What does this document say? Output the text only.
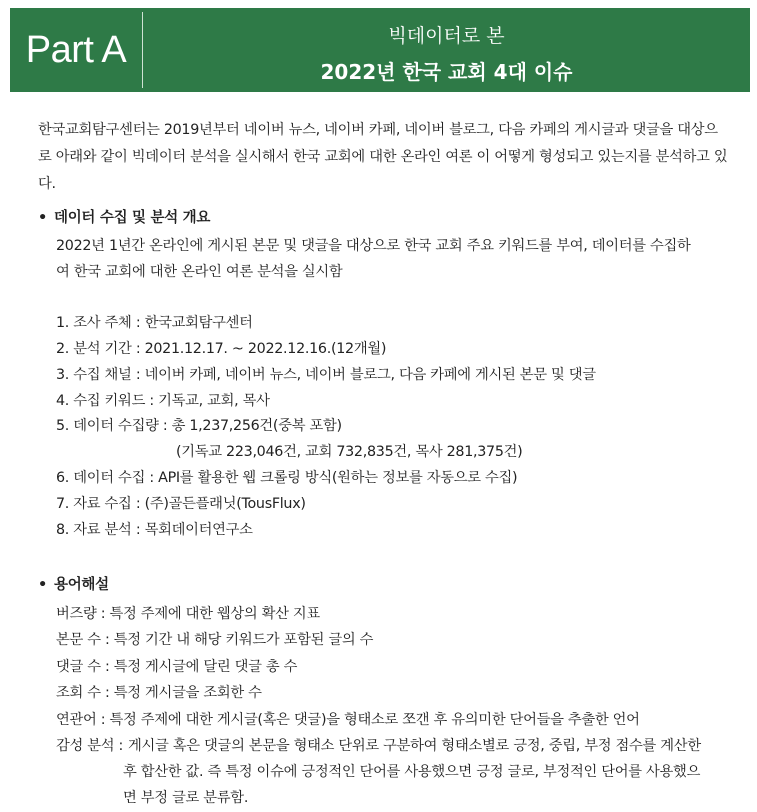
Part A	빅데이터로 본
2022년 한국 교회 4대 이슈
한국교회탐구센터는 2019년부터 네이버 뉴스, 네이버 카페, 네이버 블로그, 다음 카페의 게시글과 댓글을 대상으로 아래와 같이 빅데이터 분석을 실시해서 한국 교회에 대한 온라인 여론 이 어떻게 형성되고 있는지를 분석하고 있다.
• 데이터 수집 및 분석 개요
2022년 1년간 온라인에 게시된 본문 및 댓글을 대상으로 한국 교회 주요 키워드를 부여, 데이터를 수집하
여 한국 교회에 대한 온라인 여론 분석을 실시함
1. 조사 주체 : 한국교회탐구센터
2. 분석 기간 : 2021.12.17. ~ 2022.12.16.(12개월)
3. 수집 채널 : 네이버 카페, 네이버 뉴스, 네이버 블로그, 다음 카페에 게시된 본문 및 댓글
4. 수집 키워드 : 기독교, 교회, 목사
5. 데이터 수집량 : 총 1,237,256건(중복 포함)
(기독교 223,046건, 교회 732,835건, 목사 281,375건)
6. 데이터 수집 : API를 활용한 웹 크롤링 방식(원하는 정보를 자동으로 수집)
7. 자료 수집 : (주)골든플래닛(TousFlux)
8. 자료 분석 : 목회데이터연구소
• 용어해설
버즈량 : 특정 주제에 대한 웹상의 확산 지표
본문 수 : 특정 기간 내 해당 키워드가 포함된 글의 수
댓글 수 : 특정 게시글에 달린 댓글 총 수
조회 수 : 특정 게시글을 조회한 수
연관어 : 특정 주제에 대한 게시글(혹은 댓글)을 형태소로 쪼갠 후 유의미한 단어들을 추출한 언어
감성 분석 : 게시글 혹은 댓글의 본문을 형태소 단위로 구분하여 형태소별로 긍정, 중립, 부정 점수를 계산한
후 합산한 값. 즉 특정 이슈에 긍정적인 단어를 사용했으면 긍정 글로, 부정적인 단어를 사용했으
면 부정 글로 분류함.
